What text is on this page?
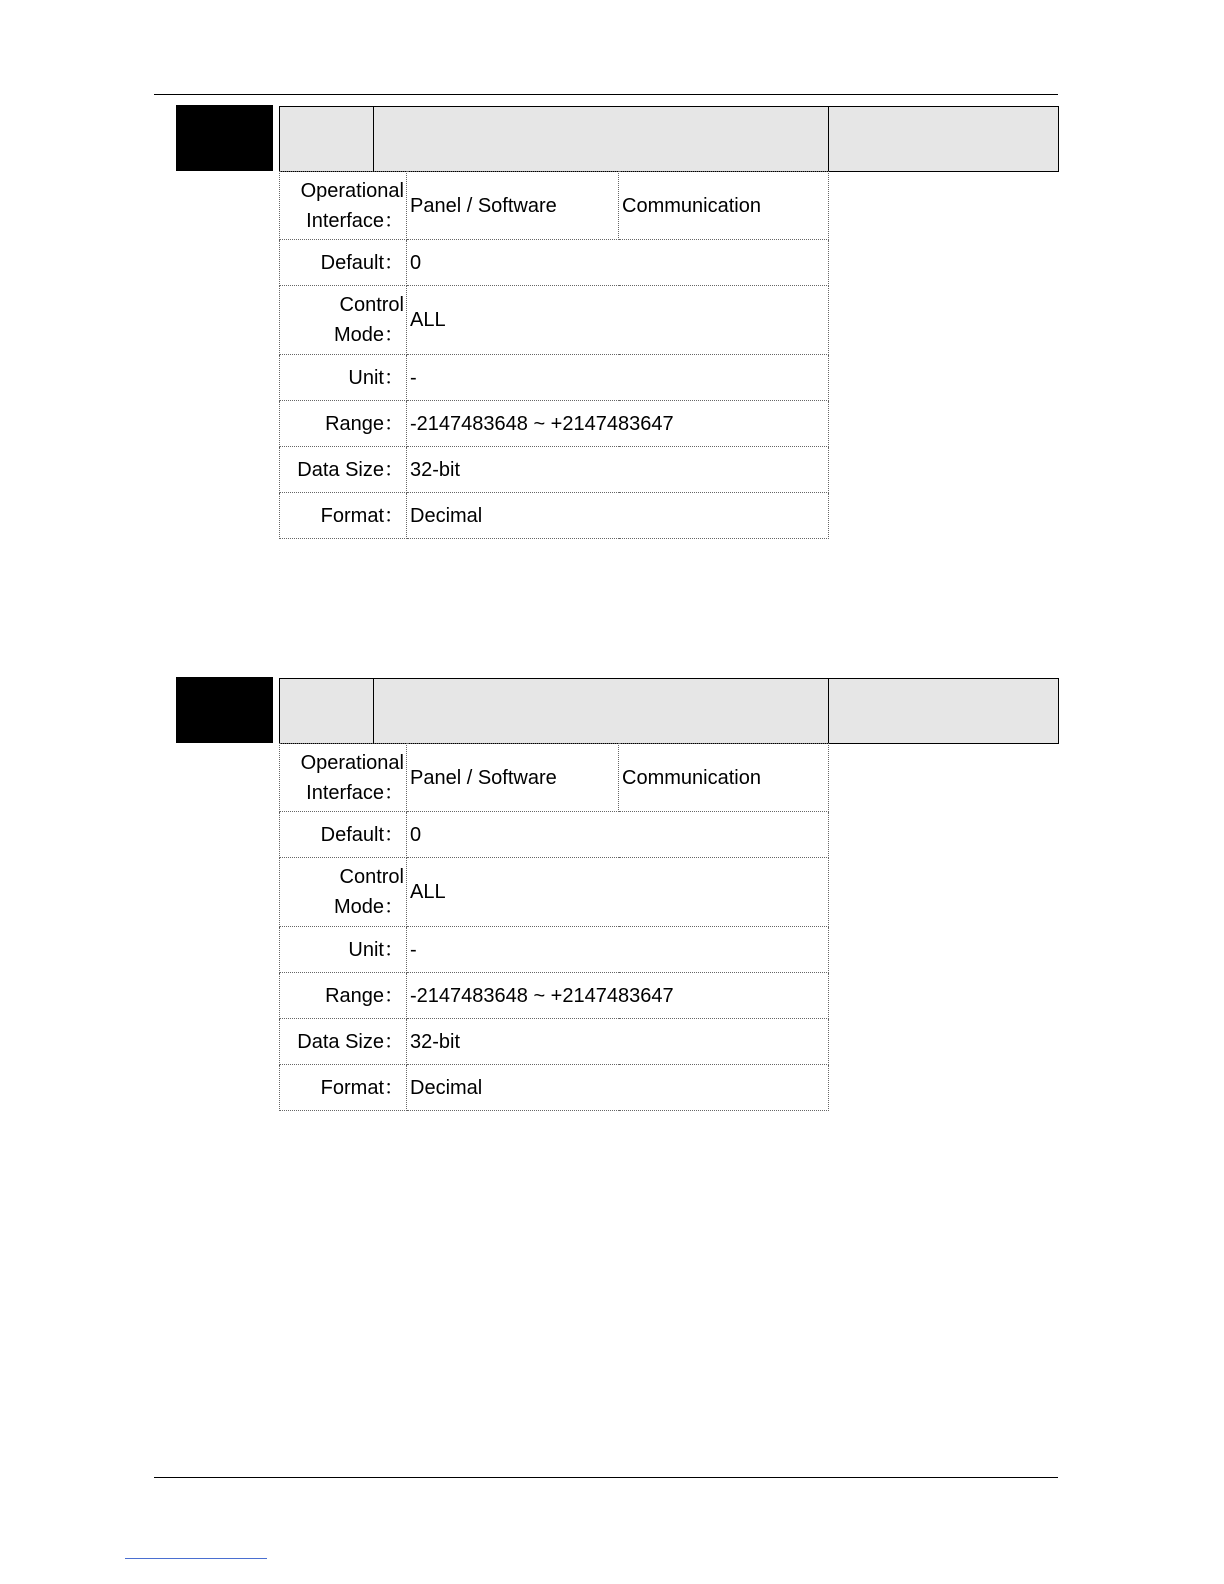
Operational
Interface：	Panel / Software	Communication
Default：	0	

Control
Mode：	ALL	
Unit：	-	
Range：	-2147483648 ~ +2147483647	
Data Size：	32-bit	
Format：	Decimal	
Operational
Interface：	Panel / Software	Communication
Default：	0	

Control
Mode：	ALL	
Unit：	-	
Range：	-2147483648 ~ +2147483647	
Data Size：	32-bit	
Format：	Decimal	
